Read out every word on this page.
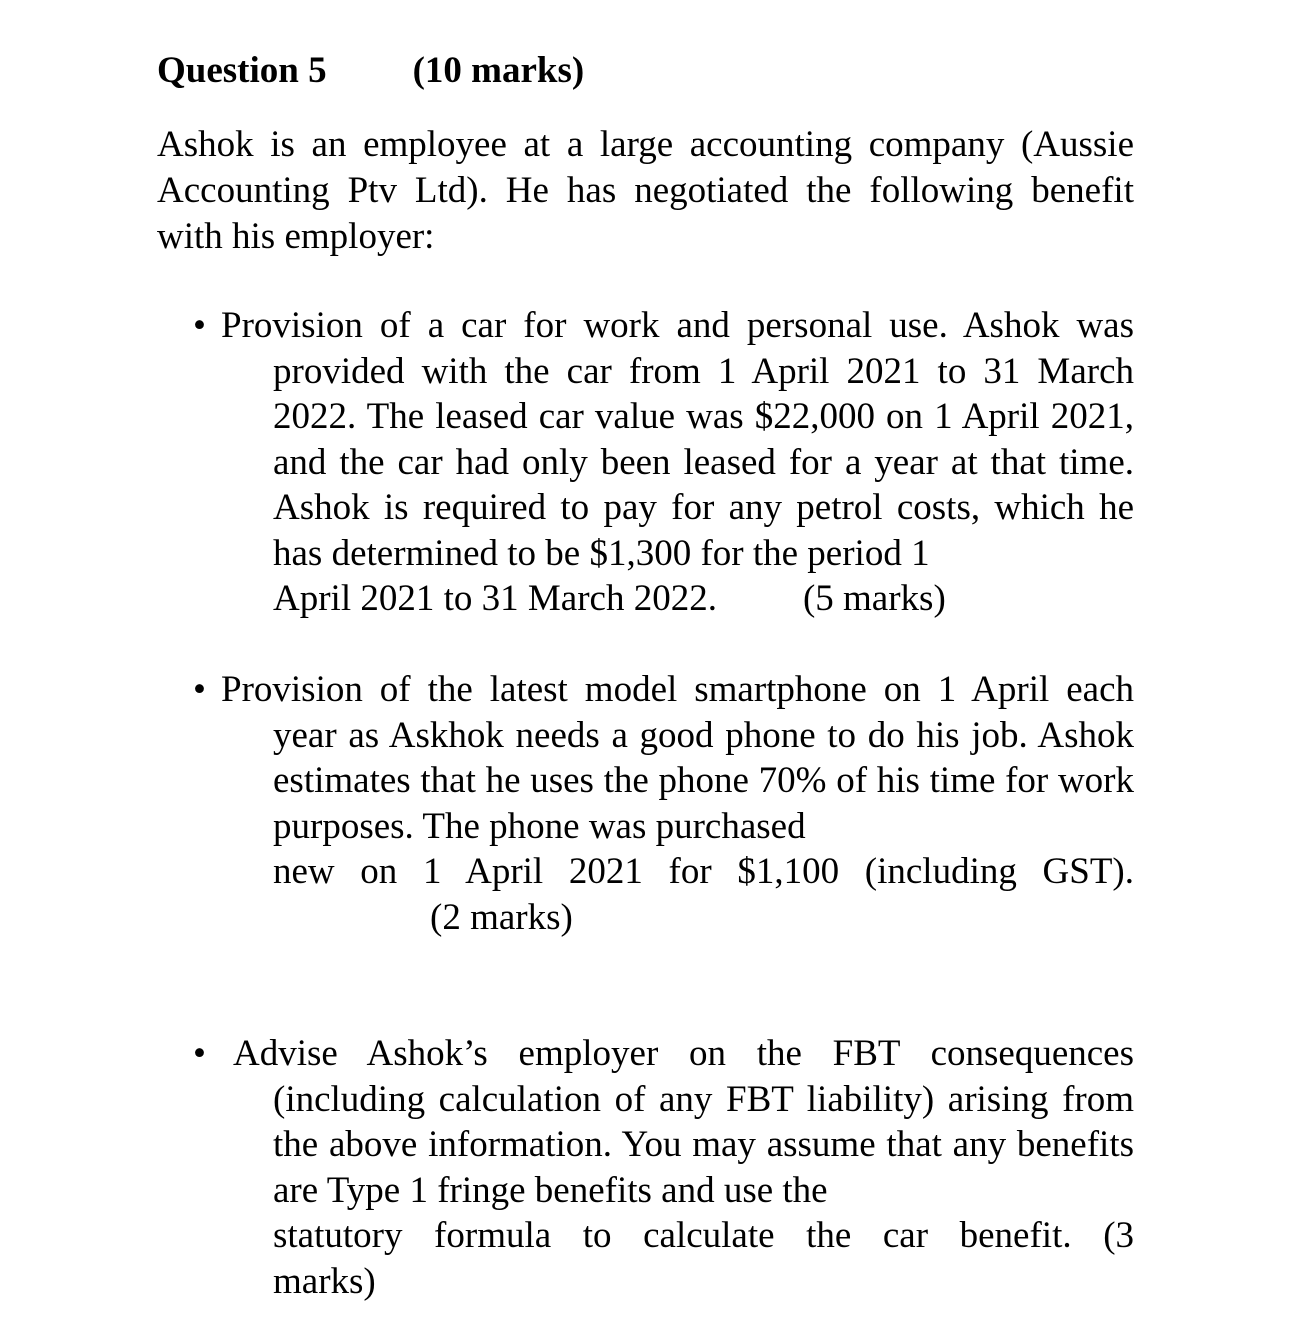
Question 5 (10 marks)
Ashok is an employee at a large accounting company (Aussie Accounting Ptv Ltd). He has negotiated the following benefit with his employer:
• Provision of a car for work and personal use. Ashok was
provided with the car from 1 April 2021 to 31 March 2022. The leased car value was $22,000 on 1 April 2021, and the car had only been leased for a year at that time. Ashok is required to pay for any petrol costs, which he has determined to be $1,300 for the period 1
April 2021 to 31 March 2022. (5 marks)
• Provision of the latest model smartphone on 1 April each
year as Askhok needs a good phone to do his job. Ashok estimates that he uses the phone 70% of his time for work purposes. The phone was purchased
new on 1 April 2021 for $1,100 (including GST).
(2 marks)
• Advise Ashok’s employer on the FBT consequences
(including calculation of any FBT liability) arising from the above information. You may assume that any benefits are Type 1 fringe benefits and use the
statutory formula to calculate the car benefit. (3
marks)
